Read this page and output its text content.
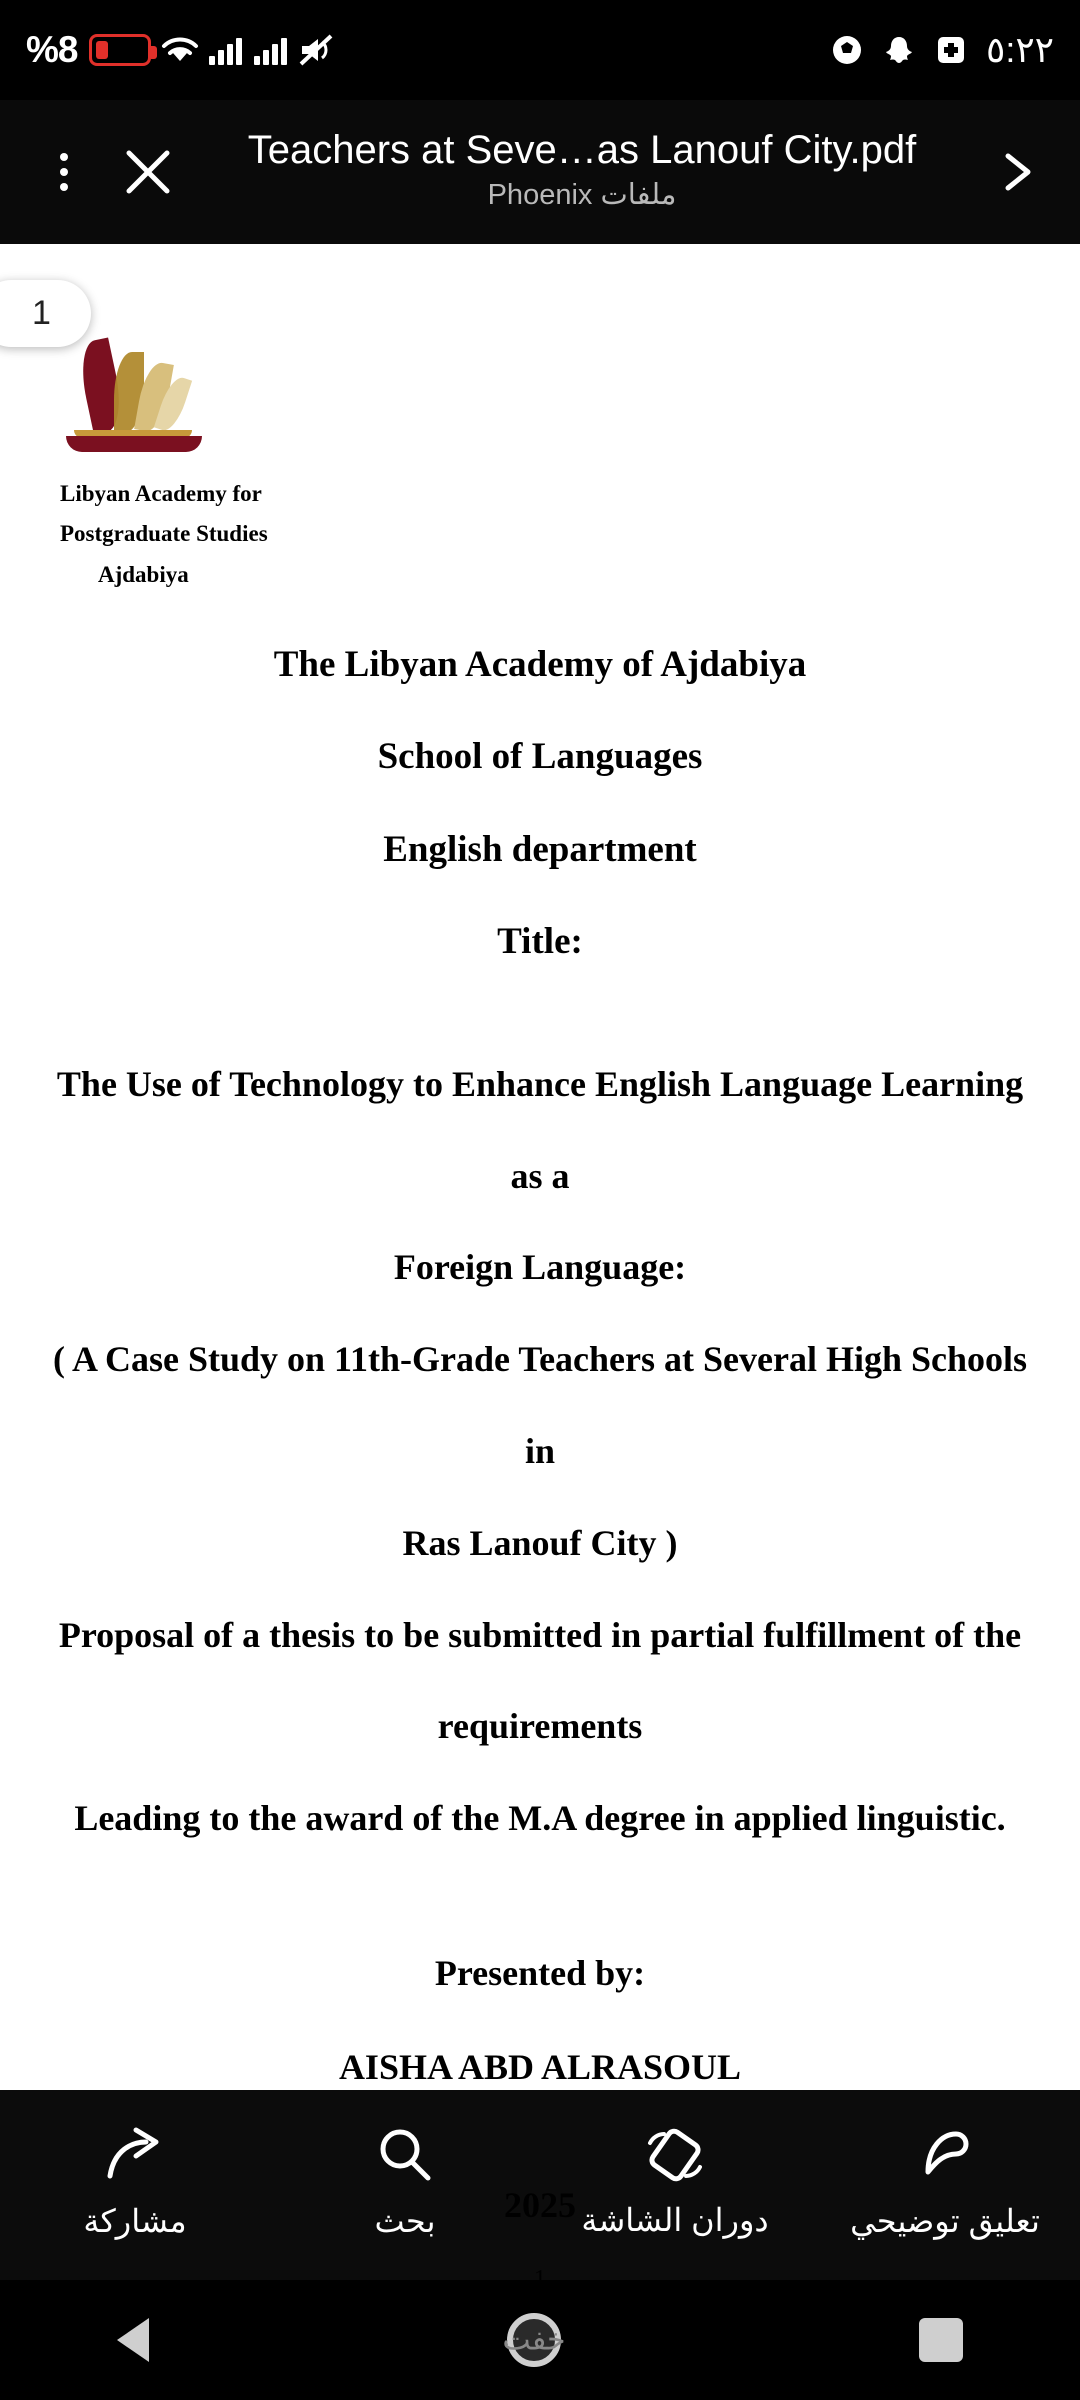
%8	٥:٢٢
Teachers at Seve…as Lanouf City.pdf
ملفات Phoenix
1
Libyan Academy for
Postgraduate Studies
Ajdabiya
The Libyan Academy of Ajdabiya
School of Languages
English department
Title:
The Use of Technology to Enhance English Language Learning as a
Foreign Language:
( A Case Study on 11th-Grade Teachers at Several High Schools in
Ras Lanouf City )
Proposal of a thesis to be submitted in partial fulfillment of the
requirements
Leading to the award of the M.A degree in applied linguistic.
Presented by:
AISHA ABD ALRASOUL
2025
مشاركة	بحث	دوران الشاشة	تعليق توضيحي
خفت
